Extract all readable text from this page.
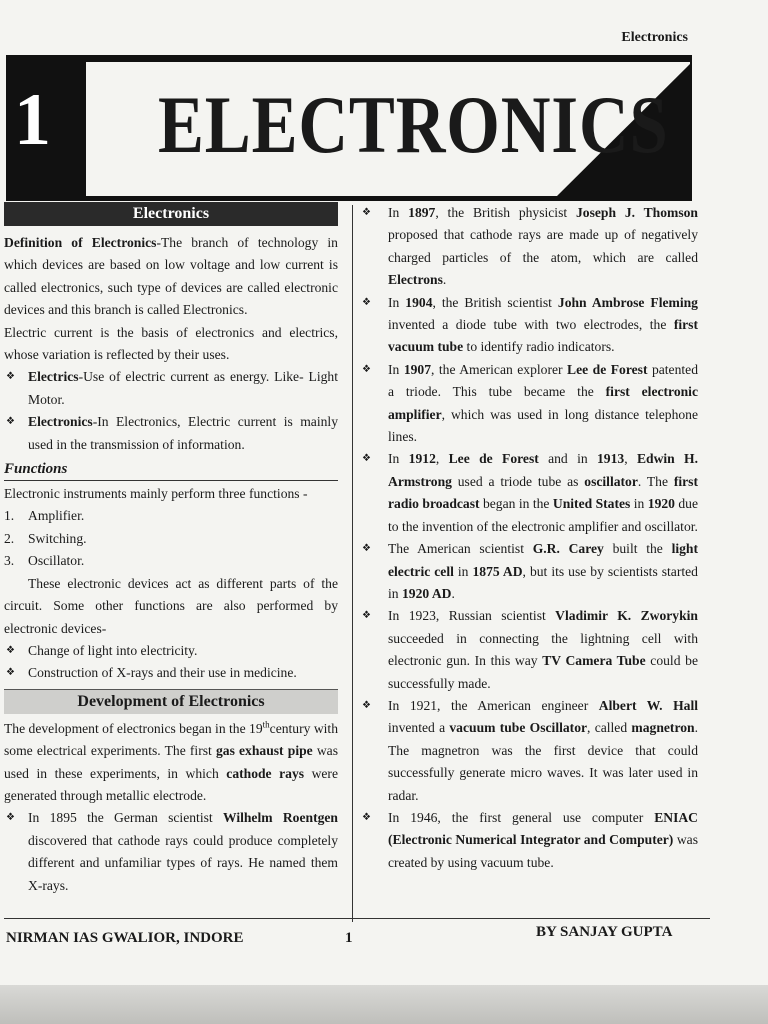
Electronics
1 ELECTRONICS
Electronics

Definition of Electronics-The branch of technology in which devices are based on low voltage and low current is called electronics, such type of devices are called electronic devices and this branch is called Electronics.

Electric current is the basis of electronics and electrics, whose variation is reflected by their uses.

❖ Electrics-Use of electric current as energy. Like- Light Motor.
❖ Electronics-In Electronics, Electric current is mainly used in the transmission of information.
Functions

Electronic instruments mainly perform three functions -

1.	Amplifier.
2.	Switching.
3.	Oscillator.

These electronic devices act as different parts of the circuit. Some other functions are also performed by electronic devices-

❖ Change of light into electricity.
❖ Construction of X-rays and their use in medicine.
Development of Electronics

The development of electronics began in the 19thcentury with some electrical experiments. The first gas exhaust pipe was used in these experiments, in which cathode rays were generated through metallic electrode.

❖ In 1895 the German scientist Wilhelm Roentgen discovered that cathode rays could produce completely different and unfamiliar types of rays. He named them X-rays.
❖ In 1897, the British physicist Joseph J. Thomson proposed that cathode rays are made up of negatively charged particles of the atom, which are called Electrons.
❖ In 1904, the British scientist John Ambrose Fleming invented a diode tube with two electrodes, the first vacuum tube to identify radio indicators.
❖ In 1907, the American explorer Lee de Forest patented a triode. This tube became the first electronic amplifier, which was used in long distance telephone lines.
❖ In 1912, Lee de Forest and in 1913, Edwin H. Armstrong used a triode tube as oscillator. The first radio broadcast began in the United States in 1920 due to the invention of the electronic amplifier and oscillator.
❖ The American scientist G.R. Carey built the light electric cell in 1875 AD, but its use by scientists started in 1920 AD.
❖ In 1923, Russian scientist Vladimir K. Zworykin succeeded in connecting the lightning cell with electronic gun. In this way TV Camera Tube could be successfully made.
❖ In 1921, the American engineer Albert W. Hall invented a vacuum tube Oscillator, called magnetron. The magnetron was the first device that could successfully generate micro waves. It was later used in radar.
❖ In 1946, the first general use computer ENIAC (Electronic Numerical Integrator and Computer) was created by using vacuum tube.
NIRMAN IAS GWALIOR, INDORE	1	BY SANJAY GUPTA
